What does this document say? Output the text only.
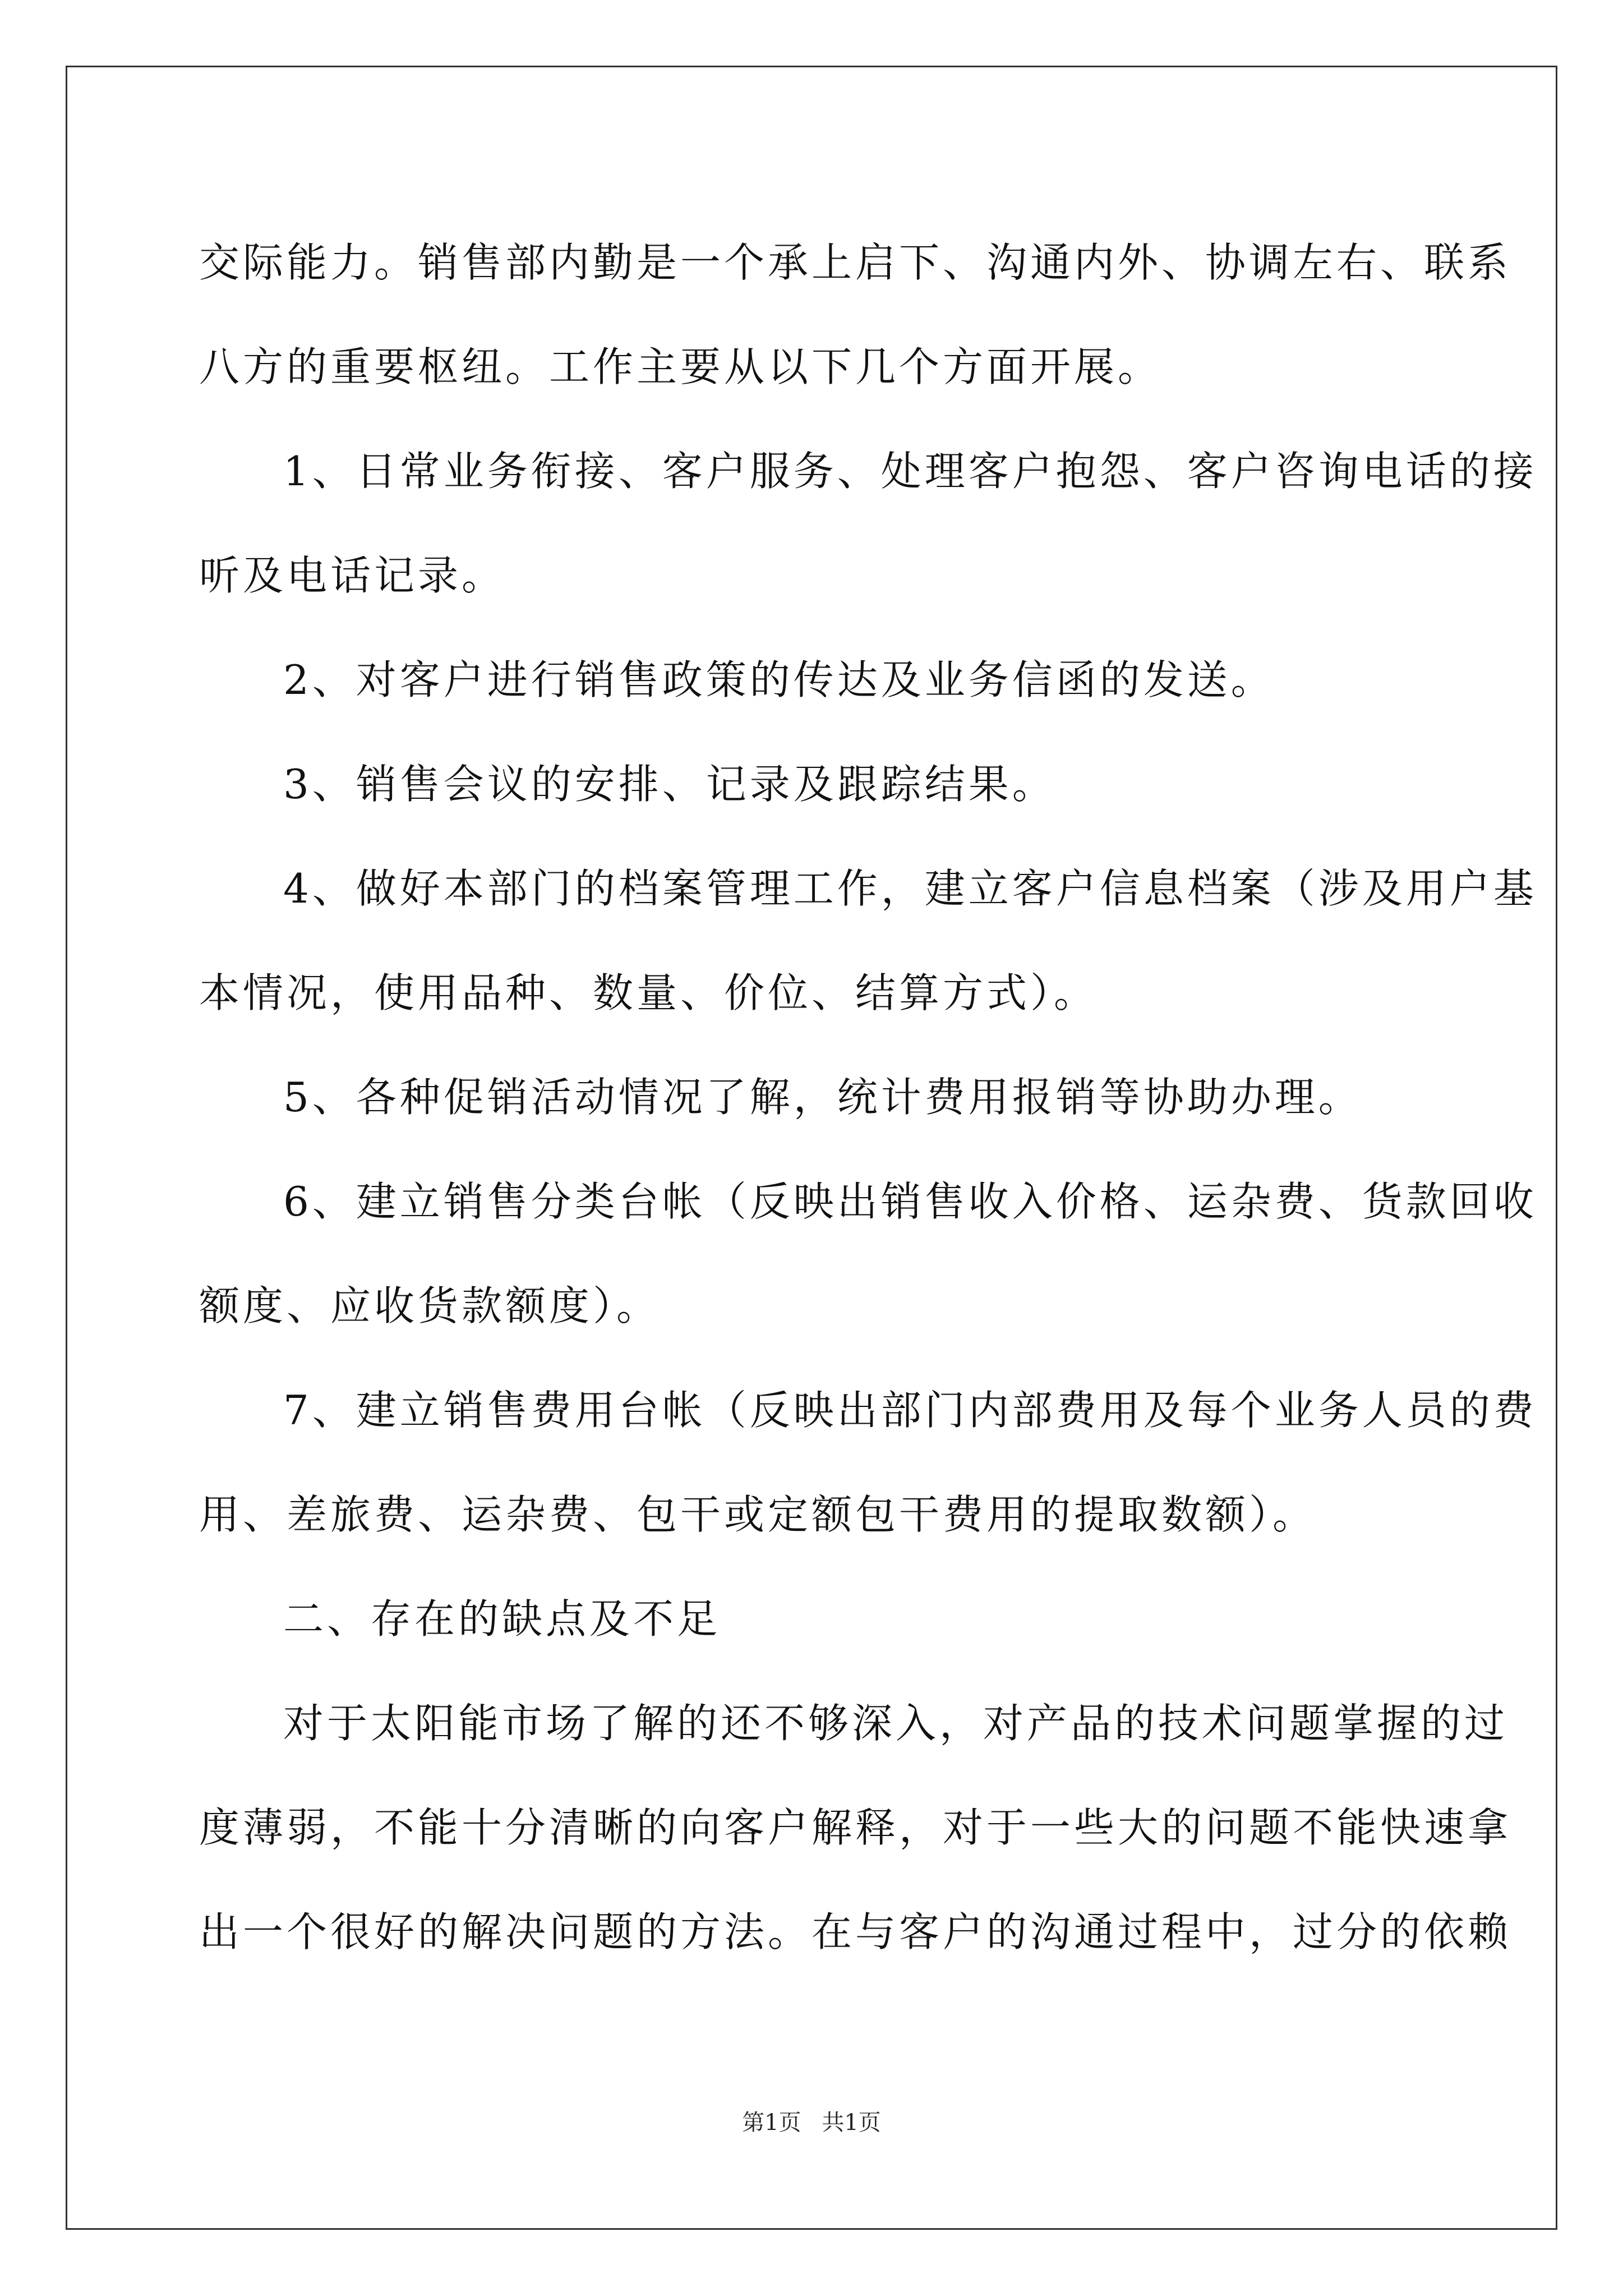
交际能力。销售部内勤是一个承上启下、沟通内外、协调左右、联系
八方的重要枢纽。工作主要从以下几个方面开展。
1、日常业务衔接、客户服务、处理客户抱怨、客户咨询电话的接
听及电话记录。
2、对客户进行销售政策的传达及业务信函的发送。
3、销售会议的安排、记录及跟踪结果。
4、做好本部门的档案管理工作，建立客户信息档案（涉及用户基
本情况，使用品种、数量、价位、结算方式）。
5、各种促销活动情况了解，统计费用报销等协助办理。
6、建立销售分类台帐（反映出销售收入价格、运杂费、货款回收
额度、应收货款额度）。
7、建立销售费用台帐（反映出部门内部费用及每个业务人员的费
用、差旅费、运杂费、包干或定额包干费用的提取数额）。
二、存在的缺点及不足
对于太阳能市场了解的还不够深入，对产品的技术问题掌握的过
度薄弱，不能十分清晰的向客户解释，对于一些大的问题不能快速拿
出一个很好的解决问题的方法。在与客户的沟通过程中，过分的依赖
第1页 共1页
